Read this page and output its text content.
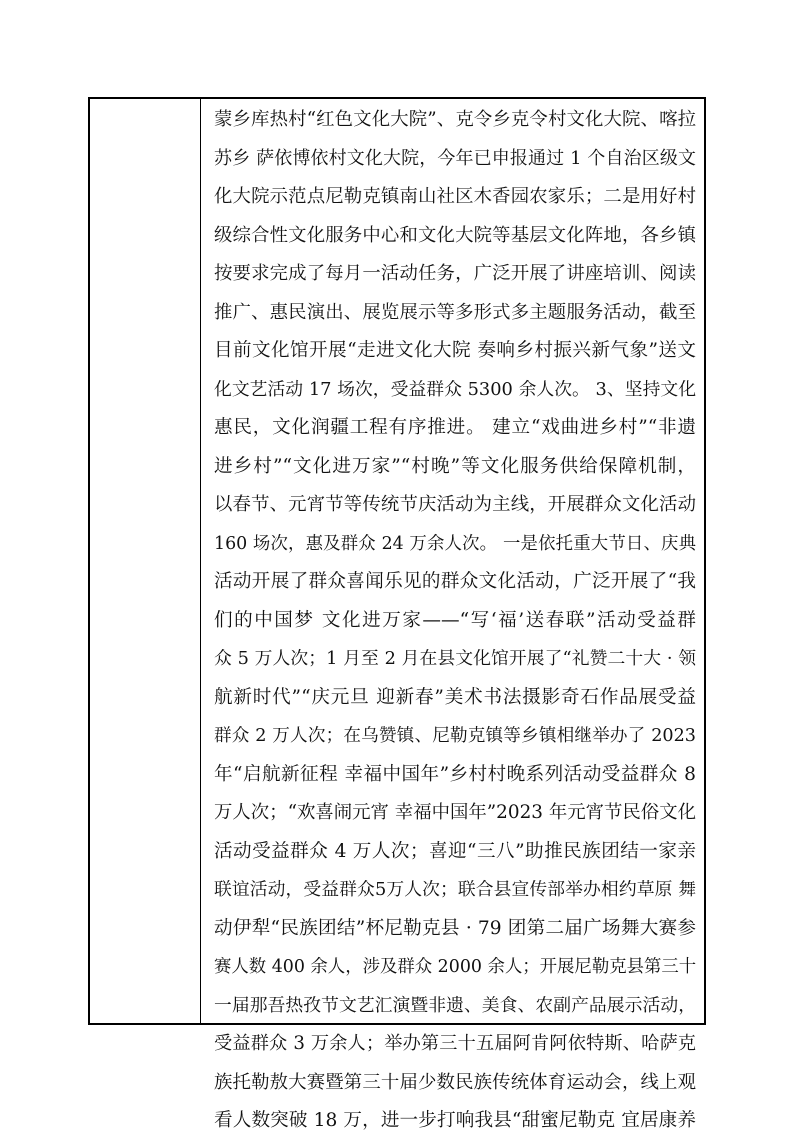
蒙乡库热村“红色文化大院”、克令乡克令村文化大院、喀拉
苏乡 萨依博依村文化大院，今年已申报通过 1 个自治区级文
化大院示范点尼勒克镇南山社区木香园农家乐；二是用好村
级综合性文化服务中心和文化大院等基层文化阵地，各乡镇
按要求完成了每月一活动任务，广泛开展了讲座培训、阅读
推广、惠民演出、展览展示等多形式多主题服务活动，截至
目前文化馆开展“走进文化大院 奏响乡村振兴新气象”送文
化文艺活动 17 场次，受益群众 5300 余人次。 3、坚持文化
惠民，文化润疆工程有序推进。 建立“戏曲进乡村”“非遗
进乡村”“文化进万家”“村晚”等文化服务供给保障机制，
以春节、元宵节等传统节庆活动为主线，开展群众文化活动
160 场次，惠及群众 24 万余人次。 一是依托重大节日、庆典
活动开展了群众喜闻乐见的群众文化活动，广泛开展了“我
们的中国梦 文化进万家——“写‘福’送春联”活动受益群
众 5 万人次；1 月至 2 月在县文化馆开展了“礼赞二十大 · 领
航新时代”“庆元旦 迎新春”美术书法摄影奇石作品展受益
群众 2 万人次；在乌赞镇、尼勒克镇等乡镇相继举办了 2023
年“启航新征程 幸福中国年”乡村村晚系列活动受益群众 8
万人次；“欢喜闹元宵 幸福中国年”2023 年元宵节民俗文化
活动受益群众 4 万人次；喜迎“三八”助推民族团结一家亲
联谊活动，受益群众5万人次；联合县宣传部举办相约草原 舞
动伊犁“民族团结”杯尼勒克县 · 79 团第二届广场舞大赛参
赛人数 400 余人，涉及群众 2000 余人；开展尼勒克县第三十
一届那吾热孜节文艺汇演暨非遗、美食、农副产品展示活动，
受益群众 3 万余人；举办第三十五届阿肯阿依特斯、哈萨克
族托勒敖大赛暨第三十届少数民族传统体育运动会，线上观
看人数突破 18 万，进一步打响我县“甜蜜尼勒克 宜居康养
